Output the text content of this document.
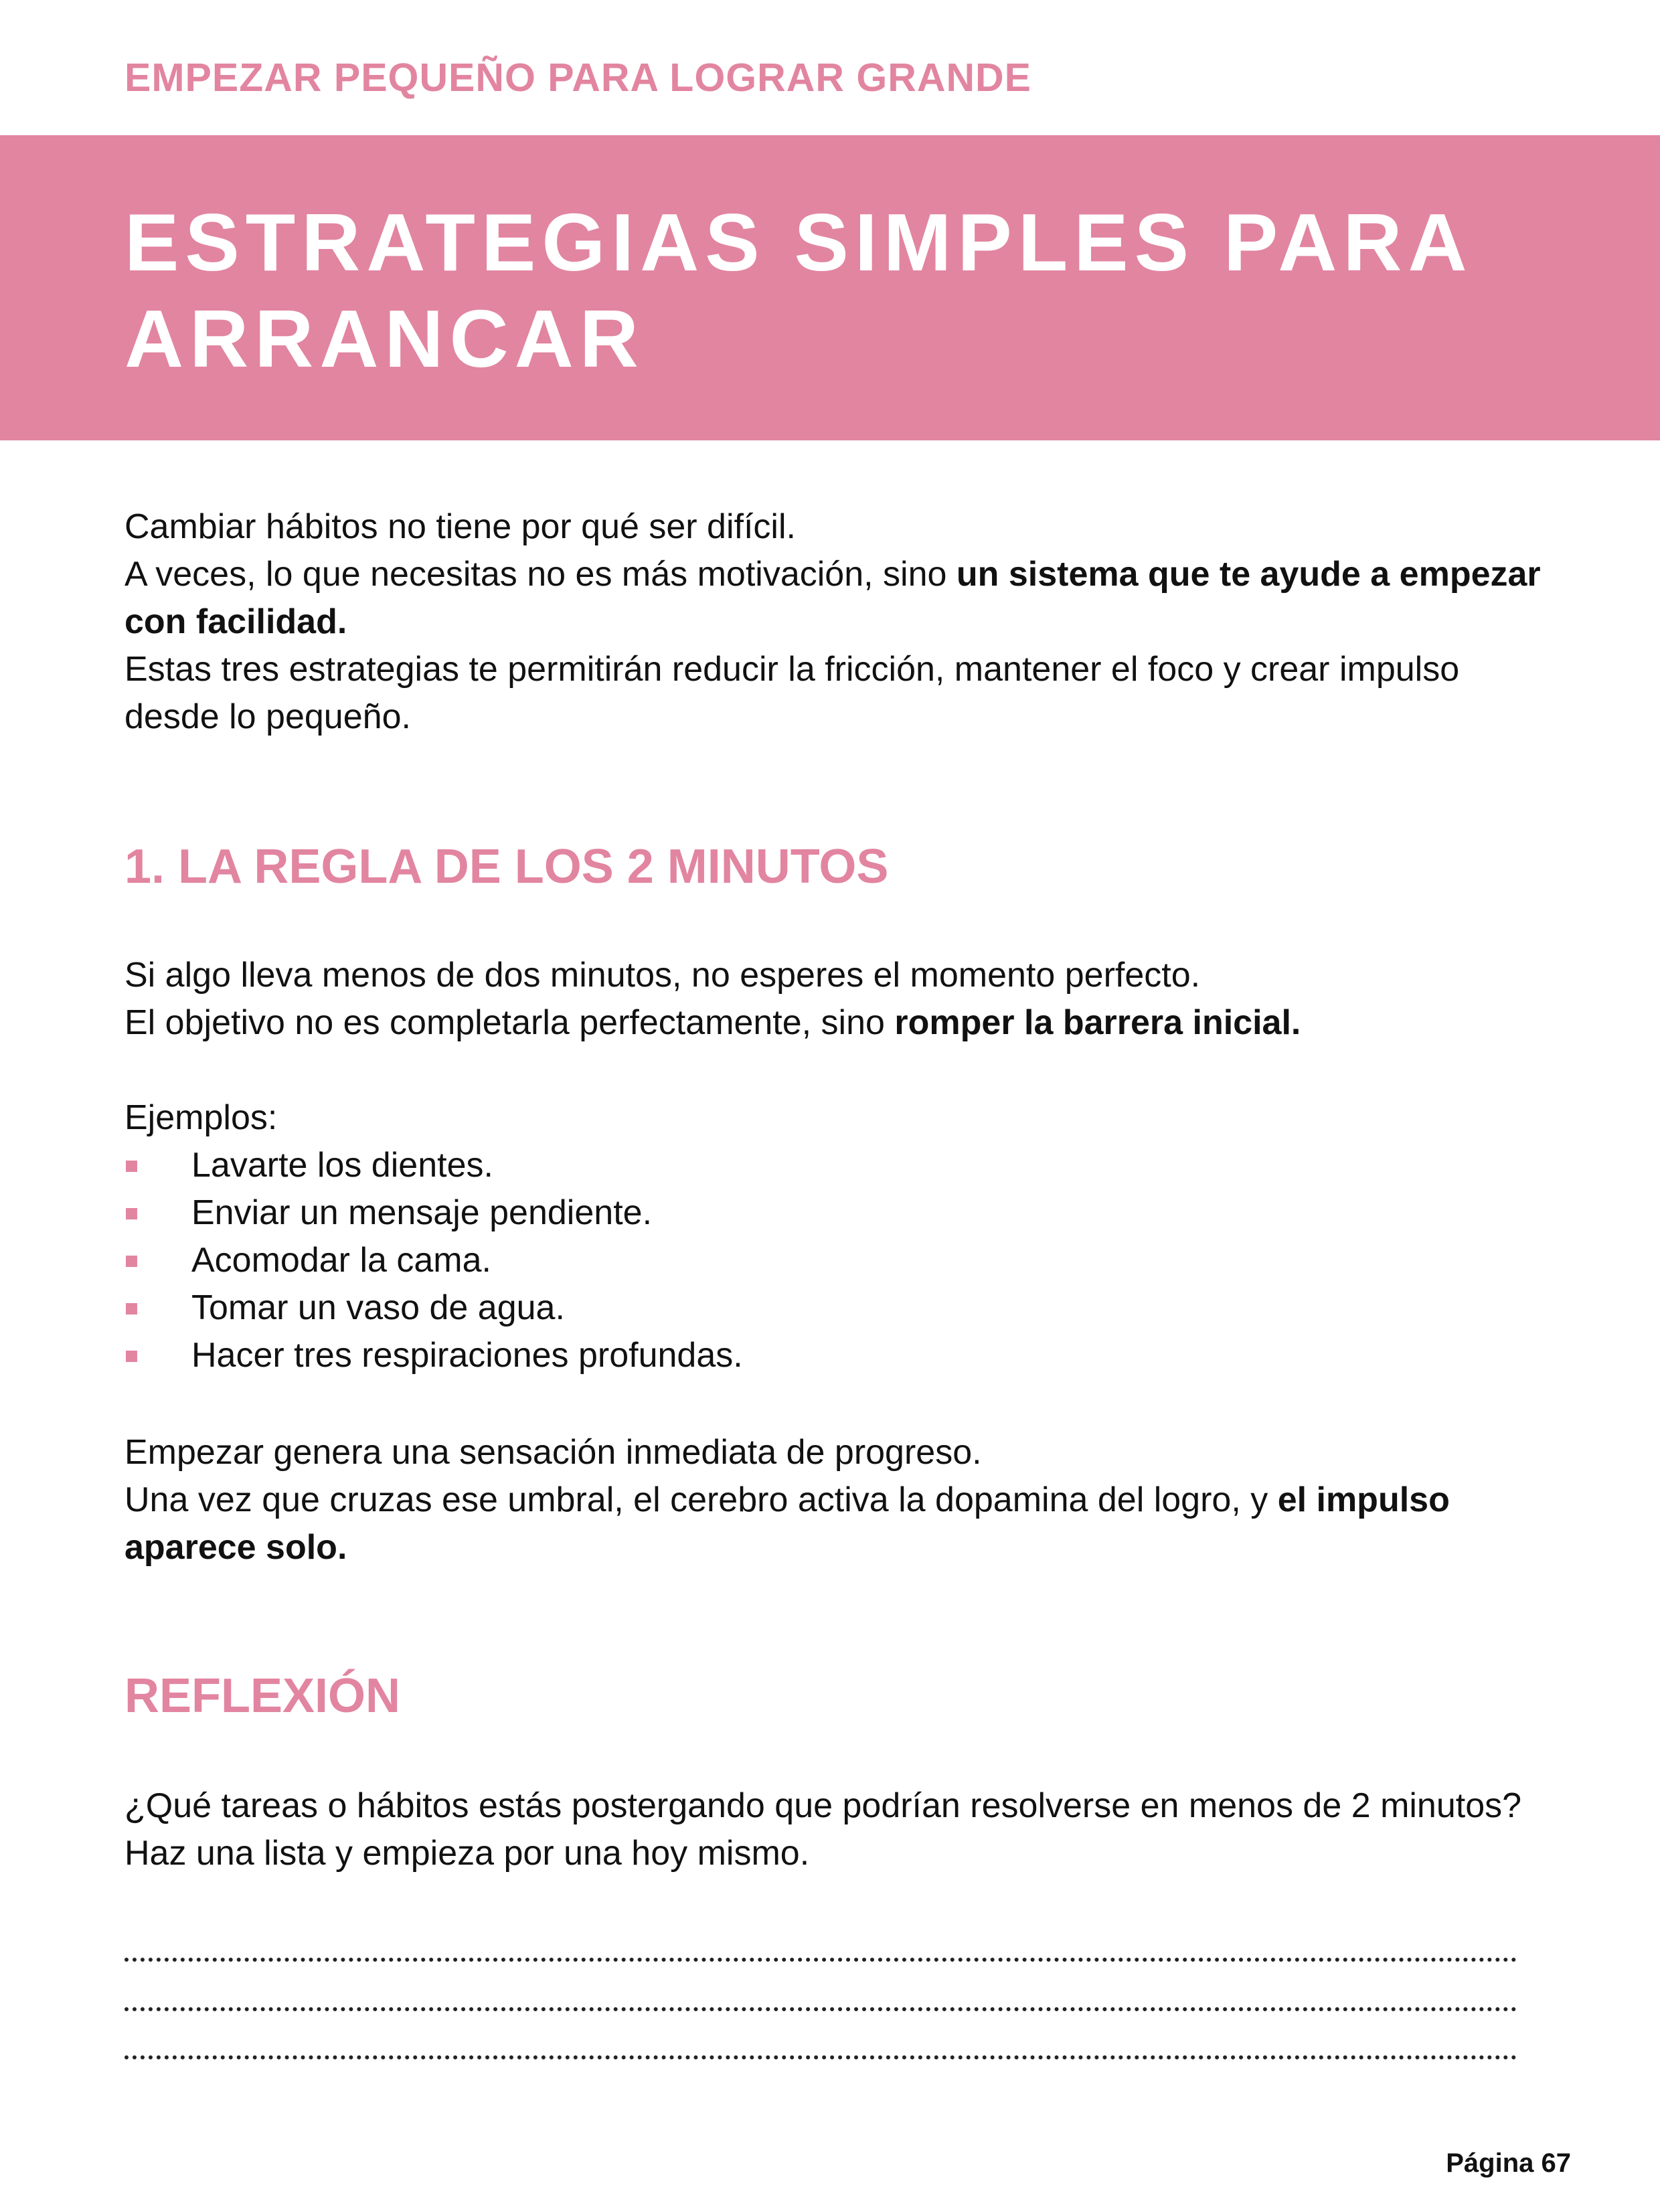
EMPEZAR PEQUEÑO PARA LOGRAR GRANDE
ESTRATEGIAS SIMPLES PARA
ARRANCAR
Cambiar hábitos no tiene por qué ser difícil.
A veces, lo que necesitas no es más motivación, sino un sistema que te ayude a empezar con facilidad.
Estas tres estrategias te permitirán reducir la fricción, mantener el foco y crear impulso desde lo pequeño.
1. LA REGLA DE LOS 2 MINUTOS
Si algo lleva menos de dos minutos, no esperes el momento perfecto.
El objetivo no es completarla perfectamente, sino romper la barrera inicial.
Ejemplos:
Lavarte los dientes.
Enviar un mensaje pendiente.
Acomodar la cama.
Tomar un vaso de agua.
Hacer tres respiraciones profundas.
Empezar genera una sensación inmediata de progreso.
Una vez que cruzas ese umbral, el cerebro activa la dopamina del logro, y el impulso aparece solo.
REFLEXIÓN
¿Qué tareas o hábitos estás postergando que podrían resolverse en menos de 2 minutos? Haz una lista y empieza por una hoy mismo.
Página 67
